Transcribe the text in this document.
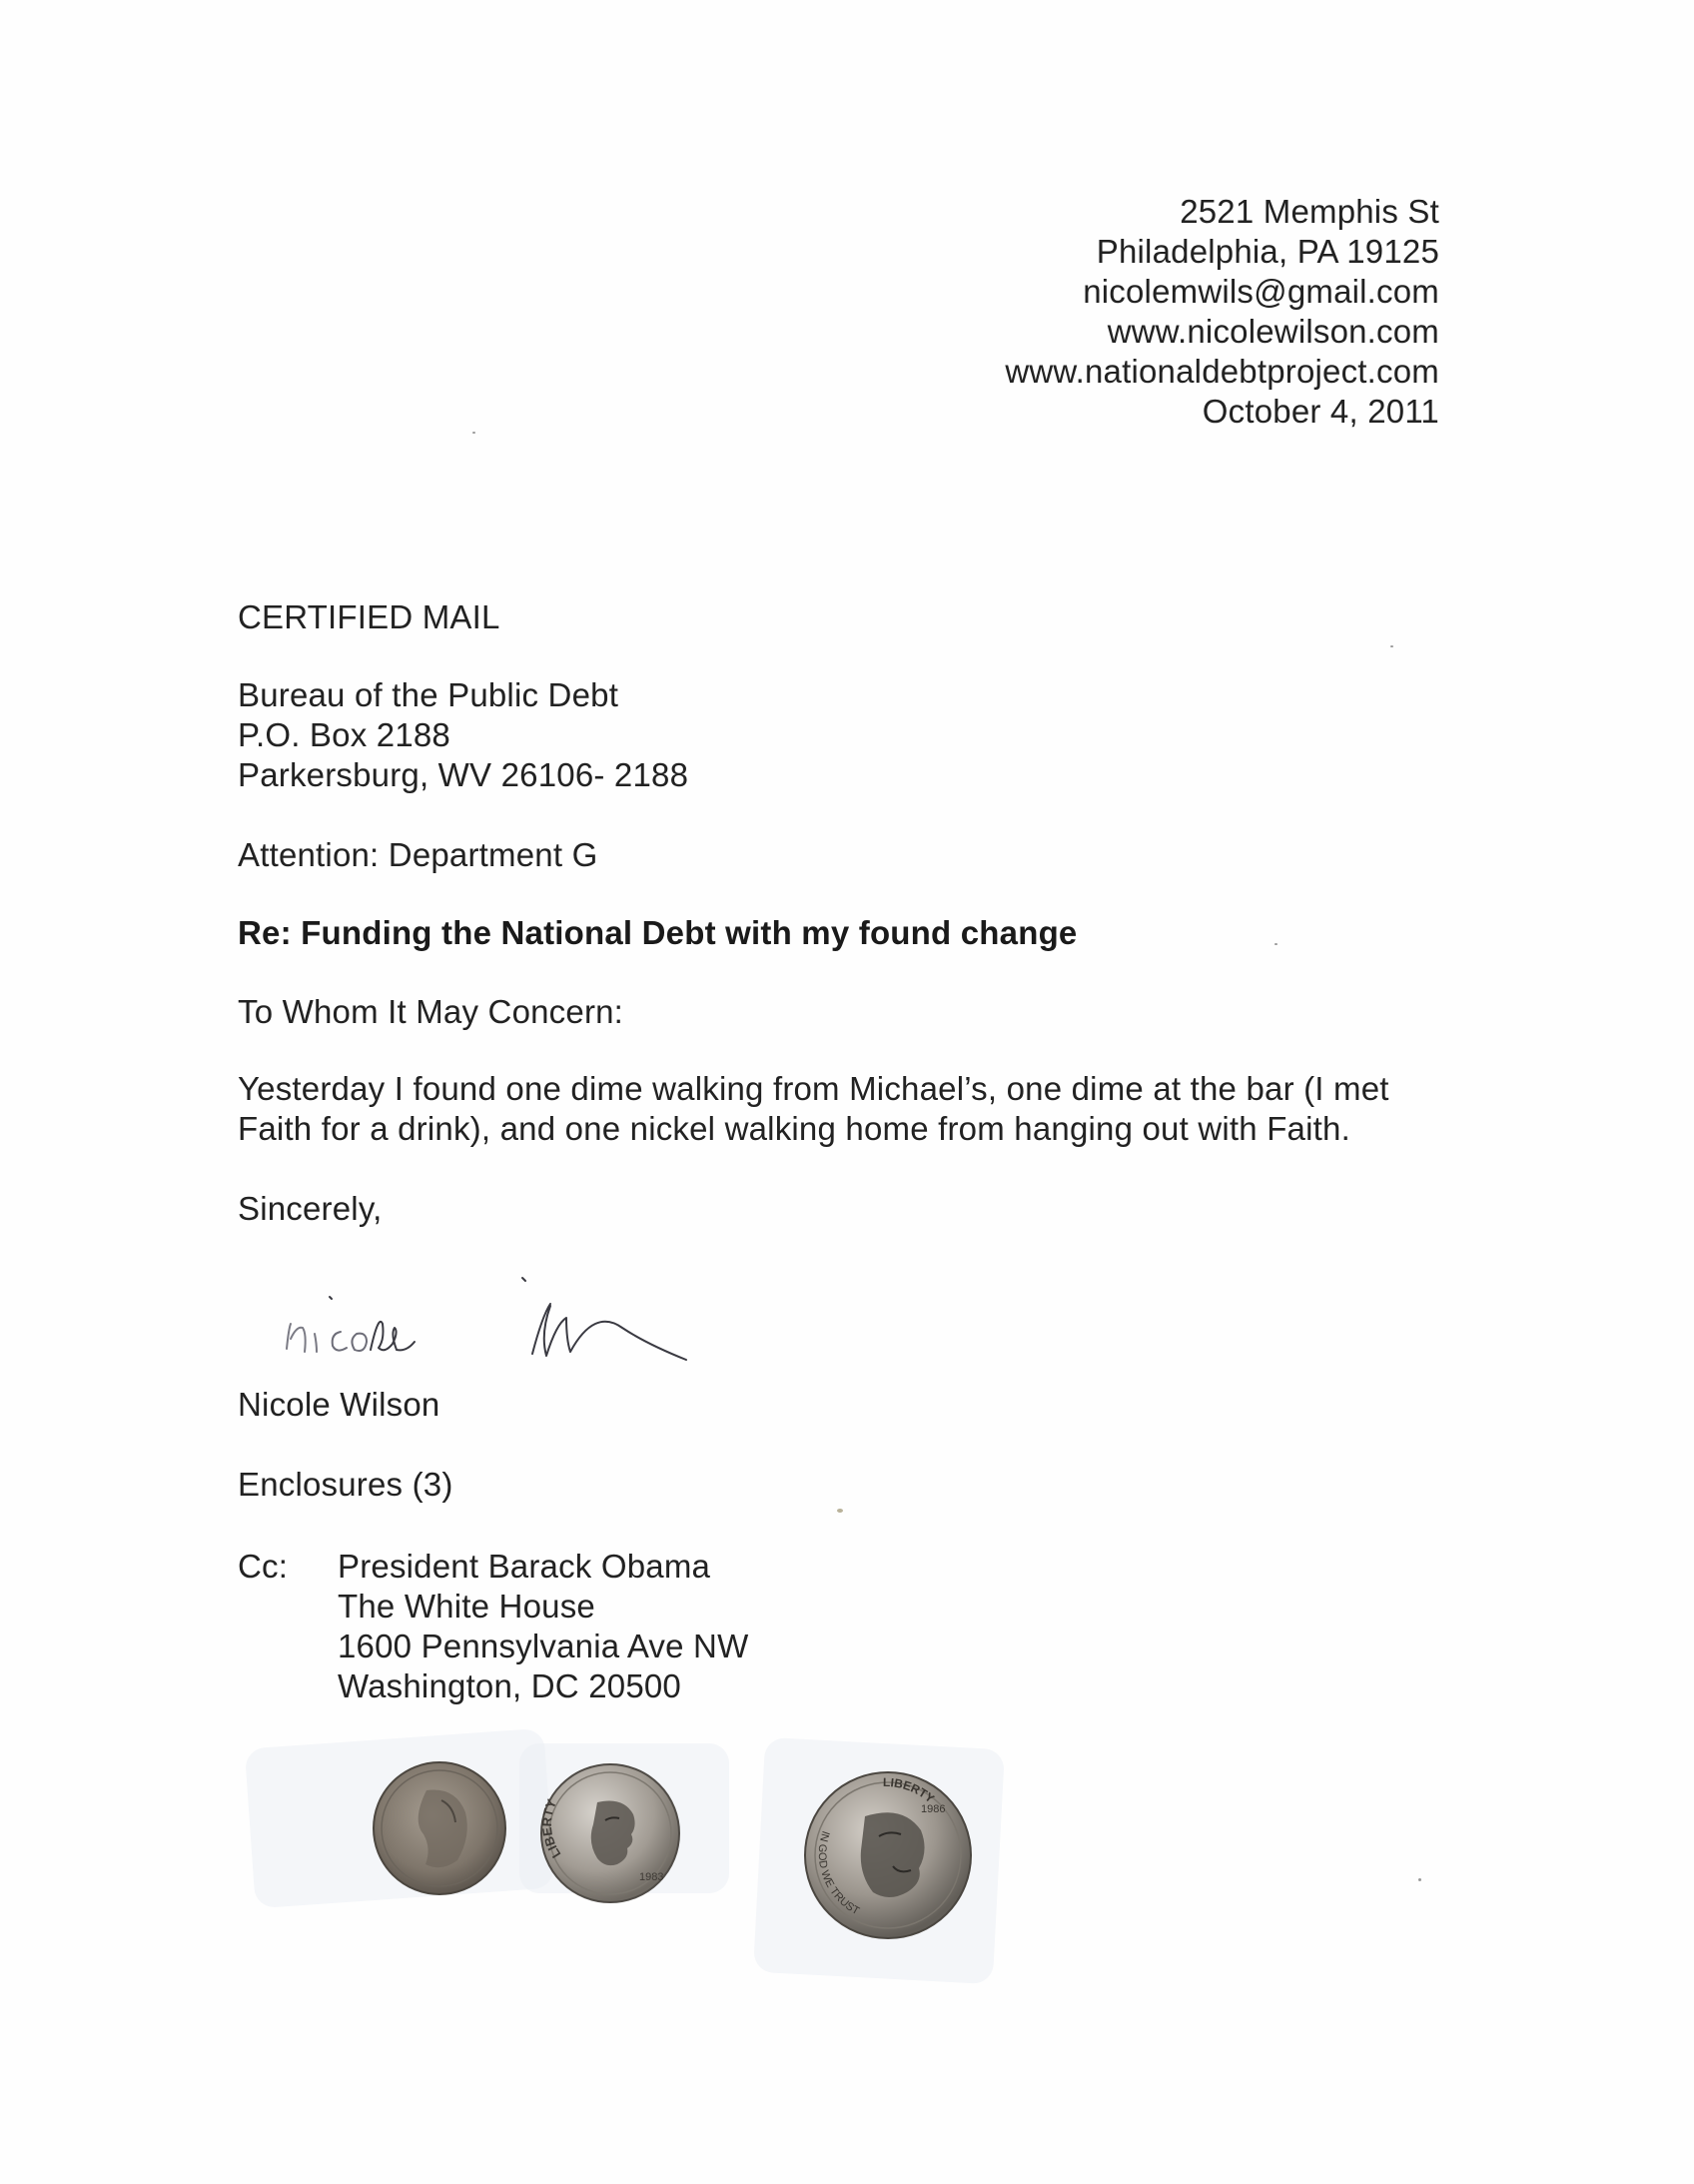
2521 Memphis St
Philadelphia, PA 19125
nicolemwils@gmail.com
www.nicolewilson.com
www.nationaldebtproject.com
October 4, 2011
CERTIFIED MAIL
Bureau of the Public Debt
P.O. Box 2188
Parkersburg, WV 26106- 2188
Attention: Department G
Re: Funding the National Debt with my found change
To Whom It May Concern:
Yesterday I found one dime walking from Michael’s, one dime at the bar (I met Faith for a drink), and one nickel walking home from hanging out with Faith.
Sincerely,
Nicole Wilson
Enclosures (3)
Cc: President Barack Obama
The White House
1600 Pennsylvania Ave NW
Washington, DC 20500
LIBERTY
1983
LIBERTY
IN GOD WE TRUST
1986
